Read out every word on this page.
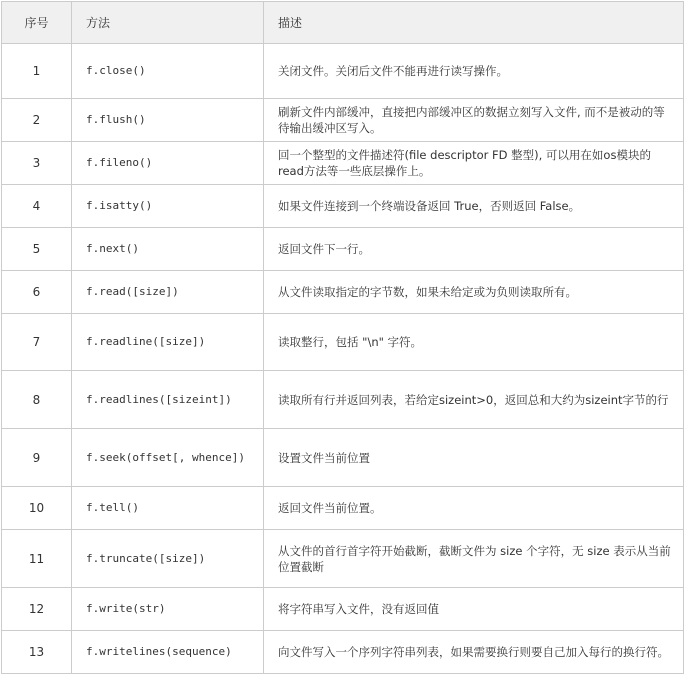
序号	方法	描述
1	f.close()	关闭文件。关闭后文件不能再进行读写操作。
2	f.flush()	刷新文件内部缓冲，直接把内部缓冲区的数据立刻写入文件, 而不是被动的等待输出缓冲区写入。
3	f.fileno()	回一个整型的文件描述符(file descriptor FD 整型), 可以用在如os模块的read方法等一些底层操作上。
4	f.isatty()	如果文件连接到一个终端设备返回 True，否则返回 False。
5	f.next()	返回文件下一行。
6	f.read([size])	从文件读取指定的字节数，如果未给定或为负则读取所有。
7	f.readline([size])	读取整行，包括 "\n" 字符。
8	f.readlines([sizeint])	读取所有行并返回列表，若给定sizeint>0，返回总和大约为sizeint字节的行
9	f.seek(offset[, whence])	设置文件当前位置
10	f.tell()	返回文件当前位置。
11	f.truncate([size])	从文件的首行首字符开始截断，截断文件为 size 个字符，无 size 表示从当前位置截断
12	f.write(str)	将字符串写入文件，没有返回值
13	f.writelines(sequence)	向文件写入一个序列字符串列表，如果需要换行则要自己加入每行的换行符。
